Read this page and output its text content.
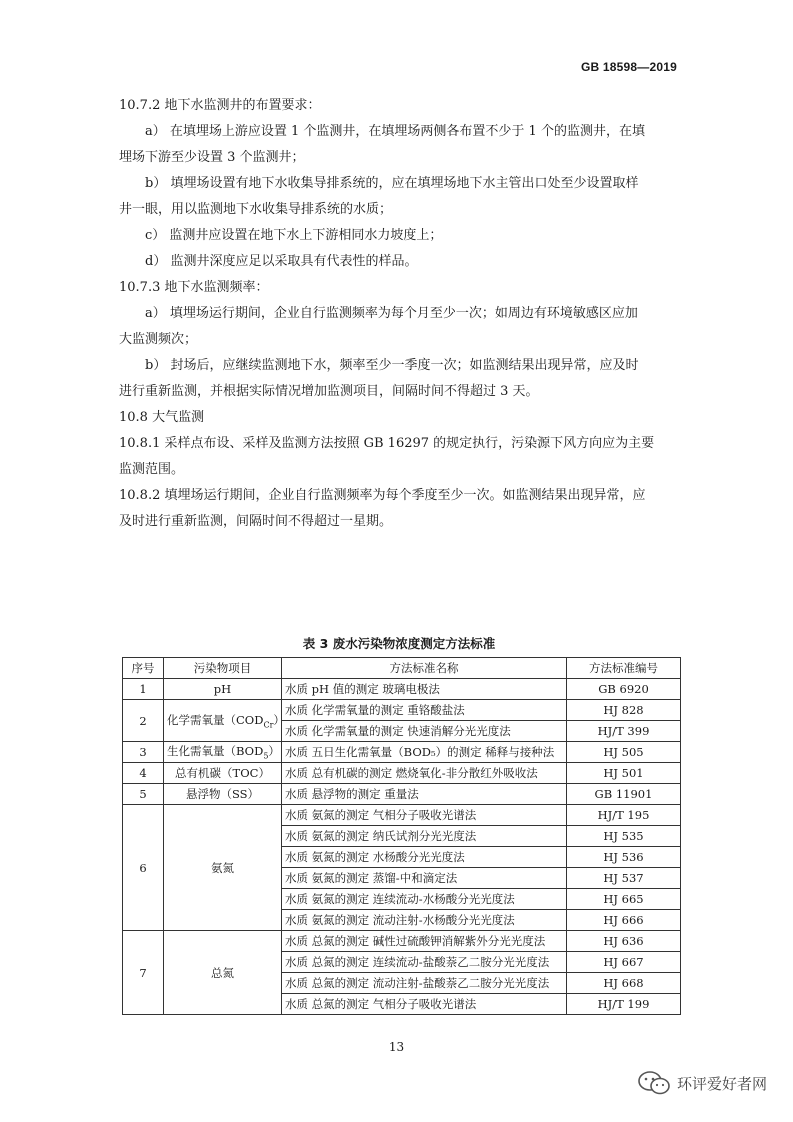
GB 18598—2019
10.7.2 地下水监测井的布置要求：
a） 在填埋场上游应设置 1 个监测井，在填埋场两侧各布置不少于 1 个的监测井，在填
埋场下游至少设置 3 个监测井；
b） 填埋场设置有地下水收集导排系统的，应在填埋场地下水主管出口处至少设置取样
井一眼，用以监测地下水收集导排系统的水质；
c） 监测井应设置在地下水上下游相同水力坡度上；
d） 监测井深度应足以采取具有代表性的样品。
10.7.3 地下水监测频率：
a） 填埋场运行期间，企业自行监测频率为每个月至少一次；如周边有环境敏感区应加
大监测频次；
b） 封场后，应继续监测地下水，频率至少一季度一次；如监测结果出现异常，应及时
进行重新监测，并根据实际情况增加监测项目，间隔时间不得超过 3 天。
10.8 大气监测
10.8.1 采样点布设、采样及监测方法按照 GB 16297 的规定执行，污染源下风方向应为主要
监测范围。
10.8.2 填埋场运行期间，企业自行监测频率为每个季度至少一次。如监测结果出现异常，应
及时进行重新监测，间隔时间不得超过一星期。
表 3 废水污染物浓度测定方法标准
序号	污染物项目	方法标准名称	方法标准编号
1	pH	水质 pH 值的测定 玻璃电极法	GB 6920
2	化学需氧量$(COD_{Cr})$	水质 化学需氧量的测定 重铬酸盐法	HJ 828
		水质 化学需氧量的测定 快速消解分光光度法	HJ/T 399
3	生化需氧量$(BOD_5)$	水质 五日生化需氧量（BOD₅）的测定 稀释与接种法	HJ 505
4	总有机碳（TOC）	水质 总有机碳的测定 燃烧氧化-非分散红外吸收法	HJ 501
5	悬浮物（SS）	水质 悬浮物的测定 重量法	GB 11901
6	氨氮	水质 氨氮的测定 气相分子吸收光谱法	HJ/T 195
		水质 氨氮的测定 纳氏试剂分光光度法	HJ 535
		水质 氨氮的测定 水杨酸分光光度法	HJ 536
		水质 氨氮的测定 蒸馏-中和滴定法	HJ 537
		水质 氨氮的测定 连续流动-水杨酸分光光度法	HJ 665
		水质 氨氮的测定 流动注射-水杨酸分光光度法	HJ 666
7	总氮	水质 总氮的测定 碱性过硫酸钾消解紫外分光光度法	HJ 636
		水质 总氮的测定 连续流动-盐酸萘乙二胺分光光度法	HJ 667
		水质 总氮的测定 流动注射-盐酸萘乙二胺分光光度法	HJ 668
		水质 总氮的测定 气相分子吸收光谱法	HJ/T 199
13
环评爱好者网
